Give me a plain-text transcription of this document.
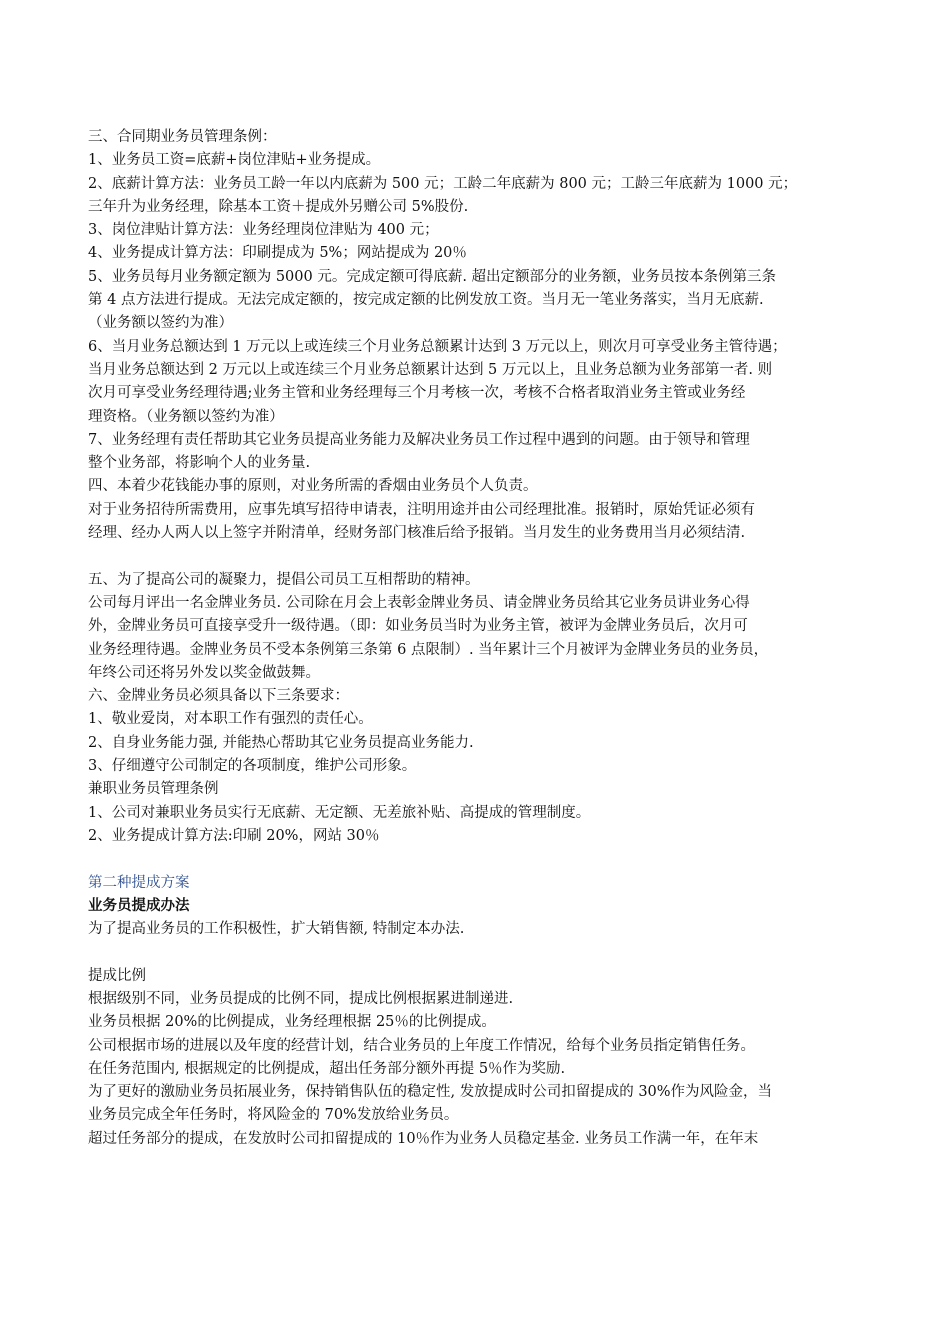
三、合同期业务员管理条例：

1、业务员工资=底薪+岗位津贴+业务提成。

2、底薪计算方法：业务员工龄一年以内底薪为 500 元；工龄二年底薪为 800 元；工龄三年底薪为 1000 元；

三年升为业务经理，除基本工资＋提成外另赠公司 5%股份.

3、岗位津贴计算方法：业务经理岗位津贴为 400 元；

4、业务提成计算方法：印刷提成为 5%；网站提成为 20％

5、业务员每月业务额定额为 5000 元。完成定额可得底薪. 超出定额部分的业务额，业务员按本条例第三条

第 4 点方法进行提成。无法完成定额的，按完成定额的比例发放工资。当月无一笔业务落实，当月无底薪.

（业务额以签约为准）

6、当月业务总额达到 1 万元以上或连续三个月业务总额累计达到 3 万元以上，则次月可享受业务主管待遇；

当月业务总额达到 2 万元以上或连续三个月业务总额累计达到 5 万元以上，且业务总额为业务部第一者. 则

次月可享受业务经理待遇;业务主管和业务经理每三个月考核一次，考核不合格者取消业务主管或业务经

理资格。（业务额以签约为准）

7、业务经理有责任帮助其它业务员提高业务能力及解决业务员工作过程中遇到的问题。由于领导和管理

整个业务部，将影响个人的业务量.

四、本着少花钱能办事的原则，对业务所需的香烟由业务员个人负责。

对于业务招待所需费用，应事先填写招待申请表，注明用途并由公司经理批准。报销时，原始凭证必须有

经理、经办人两人以上签字并附清单，经财务部门核准后给予报销。当月发生的业务费用当月必须结清.

五、为了提高公司的凝聚力，提倡公司员工互相帮助的精神。

公司每月评出一名金牌业务员. 公司除在月会上表彰金牌业务员、请金牌业务员给其它业务员讲业务心得

外，金牌业务员可直接享受升一级待遇。（即：如业务员当时为业务主管，被评为金牌业务员后，次月可

业务经理待遇。金牌业务员不受本条例第三条第 6 点限制）. 当年累计三个月被评为金牌业务员的业务员，

年终公司还将另外发以奖金做鼓舞。

六、金牌业务员必须具备以下三条要求：

1、敬业爱岗，对本职工作有强烈的责任心。

2、自身业务能力强, 并能热心帮助其它业务员提高业务能力.

3、仔细遵守公司制定的各项制度，维护公司形象。

兼职业务员管理条例

1、公司对兼职业务员实行无底薪、无定额、无差旅补贴、高提成的管理制度。

2、业务提成计算方法:印刷 20%，网站 30％

第二种提成方案

业务员提成办法

为了提高业务员的工作积极性，扩大销售额, 特制定本办法.

提成比例

根据级别不同，业务员提成的比例不同，提成比例根据累进制递进.

业务员根据 20%的比例提成，业务经理根据 25％的比例提成。

公司根据市场的进展以及年度的经营计划，结合业务员的上年度工作情况，给每个业务员指定销售任务。

在任务范围内, 根据规定的比例提成，超出任务部分额外再提 5％作为奖励.

为了更好的激励业务员拓展业务，保持销售队伍的稳定性, 发放提成时公司扣留提成的 30%作为风险金，当

业务员完成全年任务时，将风险金的 70%发放给业务员。

超过任务部分的提成，在发放时公司扣留提成的 10％作为业务人员稳定基金. 业务员工作满一年，在年末
